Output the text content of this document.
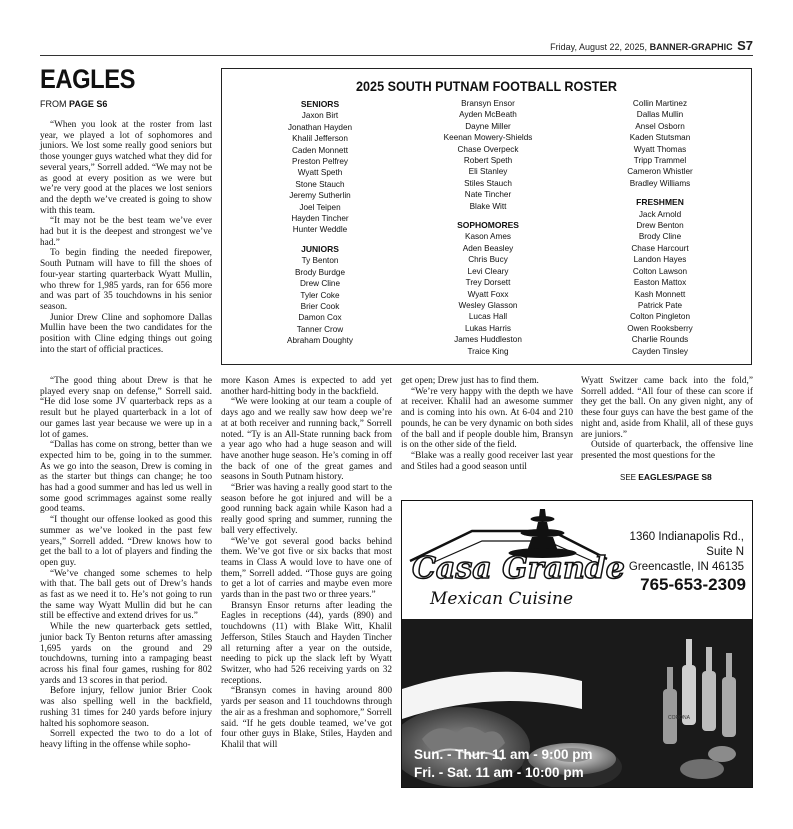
Friday, August 22, 2025, BANNER-GRAPHIC S7
EAGLES
FROM PAGE S6

“When you look at the roster from last year, we played a lot of sophomores and juniors. We lost some really good seniors but those younger guys watched what they did for several years,” Sorrell added. “We may not be as good at every position as we were but we’re very good at the places we lost seniors and the depth we’ve created is going to show with this team.

“It may not be the best team we’ve ever had but it is the deepest and strongest we’ve had.”

To begin finding the needed firepower, South Putnam will have to fill the shoes of four-year starting quarterback Wyatt Mullin, who threw for 1,985 yards, ran for 656 more and was part of 35 touchdowns in his senior season.

Junior Drew Cline and sophomore Dallas Mullin have been the two candidates for the position with Cline edging things out going into the start of official practices.

“The good thing about Drew is that he played every snap on defense,” Sorrell said. “He did lose some JV quarterback reps as a result but he played quarterback in a lot of our games last year because we were up in a lot of games.

“Dallas has come on strong, better than we expected him to be, going in to the summer. As we go into the season, Drew is coming in as the starter but things can change; he too has had a good summer and has led us well in some good scrimmages against some really good teams.

“I thought our offense looked as good this summer as we’ve looked in the past few years,” Sorrell added. “Drew knows how to get the ball to a lot of players and finding the open guy.

“We’ve changed some schemes to help with that. The ball gets out of Drew’s hands as fast as we need it to. He’s not going to run the same way Wyatt Mullin did but he can still be effective and extend drives for us.”

While the new quarterback gets settled, junior back Ty Benton returns after amassing 1,695 yards on the ground and 29 touchdowns, turning into a rampaging beast across his final four games, rushing for 802 yards and 13 scores in that period.

Before injury, fellow junior Brier Cook was also spelling well in the backfield, rushing 31 times for 240 yards before injury halted his sophomore season.

Sorrell expected the two to do a lot of heavy lifting in the offense while sopho-

more Kason Ames is expected to add yet another hard-hitting body in the backfield.

“We were looking at our team a couple of days ago and we really saw how deep we’re at at both receiver and running back,” Sorrell noted. “Ty is an All-State running back from a year ago who had a huge season and will have another huge season. He’s coming in off the back of one of the great games and seasons in South Putnam history.

“Brier was having a really good start to the season before he got injured and will be a good running back again while Kason had a really good spring and summer, running the ball very effectively.

“We’ve got several good backs behind them. We’ve got five or six backs that most teams in Class A would love to have one of them,” Sorrell added. “Those guys are going to get a lot of carries and maybe even more yards than in the past two or three years.”

Bransyn Ensor returns after leading the Eagles in receptions (44), yards (890) and touchdowns (11) with Blake Witt, Khalil Jefferson, Stiles Stauch and Hayden Tincher all returning after a year on the outside, needing to pick up the slack left by Wyatt Switzer, who had 526 receiving yards on 32 receptions.

“Bransyn comes in having around 800 yards per season and 11 touchdowns through the air as a freshman and sophomore,” Sorrell said. “If he gets double teamed, we’ve got four other guys in Blake, Stiles, Hayden and Khalil that will

get open; Drew just has to find them.

“We’re very happy with the depth we have at receiver. Khalil had an awesome summer and is coming into his own. At 6-04 and 210 pounds, he can be very dynamic on both sides of the ball and if people double him, Bransyn is on the other side of the field.

“Blake was a really good receiver last year and Stiles had a good season until

Wyatt Switzer came back into the fold,” Sorrell added. “All four of these can score if they get the ball. On any given night, any of these four guys can have the best game of the night and, aside from Khalil, all of these guys are juniors.”

Outside of quarterback, the offensive line presented the most questions for the

SEE EAGLES/PAGE S8
2025 SOUTH PUTNAM FOOTBALL ROSTER
SENIORS
Jaxon Birt
Jonathan Hayden
Khalil Jefferson
Caden Monnett
Preston Pelfrey
Wyatt Speth
Stone Stauch
Jeremy Sutherlin
Joel Teipen
Hayden Tincher
Hunter Weddle
JUNIORS
Ty Benton
Brody Burdge
Drew Cline
Tyler Coke
Brier Cook
Damon Cox
Tanner Crow
Abraham Doughty
Bransyn Ensor
Ayden McBeath
Dayne Miller
Keenan Mowery-Shields
Chase Overpeck
Robert Speth
Eli Stanley
Stiles Stauch
Nate Tincher
Blake Witt
SOPHOMORES
Kason Ames
Aden Beasley
Chris Bucy
Levi Cleary
Trey Dorsett
Wyatt Foxx
Wesley Glasson
Lucas Hall
Lukas Harris
James Huddleston
Traice King
Collin Martinez
Dallas Mullin
Ansel Osborn
Kaden Stutsman
Wyatt Thomas
Tripp Trammel
Cameron Whistler
Bradley Williams
FRESHMEN
Jack Arnold
Drew Benton
Brody Cline
Chase Harcourt
Landon Hayes
Colton Lawson
Easton Mattox
Kash Monnett
Patrick Pate
Colton Pingleton
Owen Rooksberry
Charlie Rounds
Cayden Tinsley
Casa Grande
Mexican Cuisine
1360 Indianapolis Rd.,
Suite N
Greencastle, IN 46135
765-653-2309
CORONA
Sun. - Thur. 11 am - 9:00 pm
Fri. - Sat. 11 am - 10:00 pm
